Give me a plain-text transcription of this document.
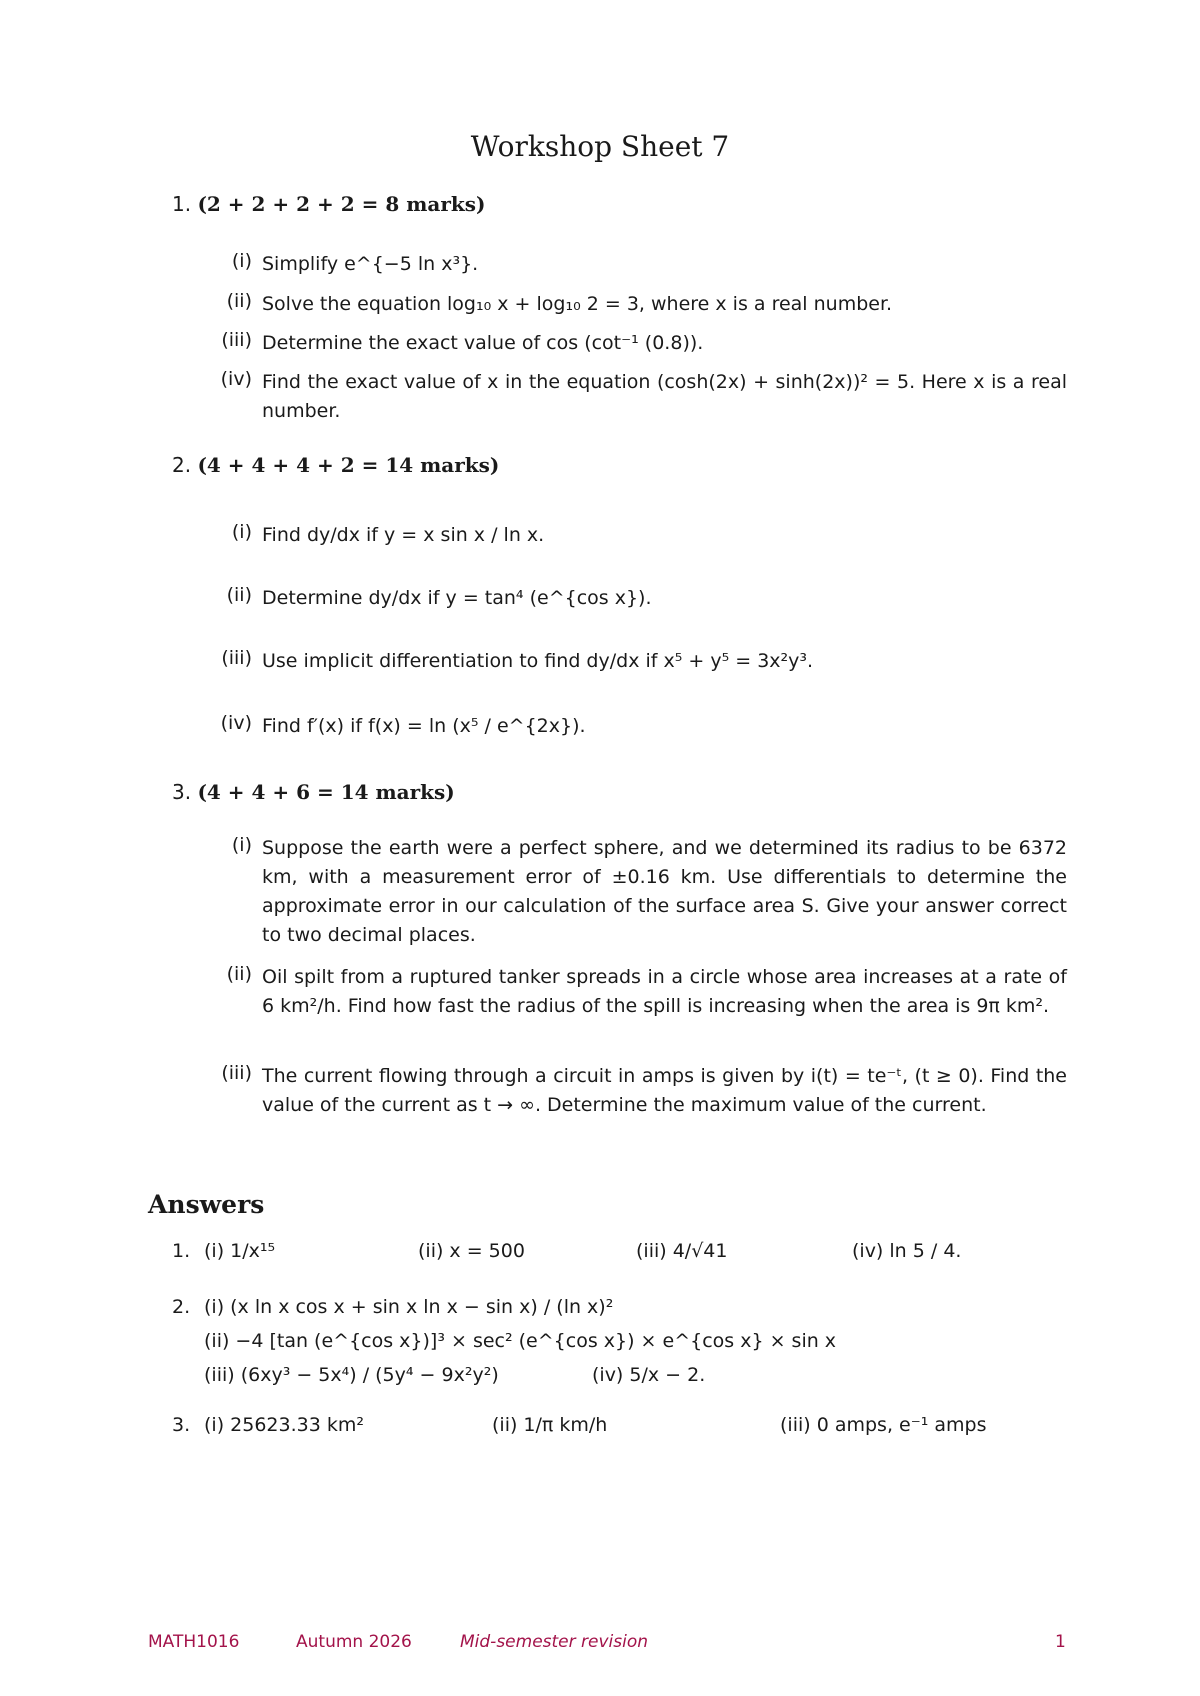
Workshop Sheet 7
1. (2 + 2 + 2 + 2 = 8 marks)
(i) Simplify e^{−5 ln x³}.
(ii) Solve the equation log₁₀ x + log₁₀ 2 = 3, where x is a real number.
(iii) Determine the exact value of cos (cot⁻¹ (0.8)).
(iv) Find the exact value of x in the equation (cosh(2x) + sinh(2x))² = 5. Here x is a real number.
2. (4 + 4 + 4 + 2 = 14 marks)
(i) Find dy/dx if y = x sin x / ln x.
(ii) Determine dy/dx if y = tan⁴ (e^{cos x}).
(iii) Use implicit differentiation to find dy/dx if x⁵ + y⁵ = 3x²y³.
(iv) Find f′(x) if f(x) = ln (x⁵ / e^{2x}).
3. (4 + 4 + 6 = 14 marks)
(i) Suppose the earth were a perfect sphere, and we determined its radius to be 6372 km, with a measurement error of ±0.16 km. Use differentials to determine the approximate error in our calculation of the surface area S. Give your answer correct to two decimal places.
(ii) Oil spilt from a ruptured tanker spreads in a circle whose area increases at a rate of 6 km²/h. Find how fast the radius of the spill is increasing when the area is 9π km².
(iii) The current flowing through a circuit in amps is given by i(t) = te⁻ᵗ, (t ≥ 0). Find the value of the current as t → ∞. Determine the maximum value of the current.
Answers
1. (i) 1/x¹⁵	(ii) x = 500	(iii) 4/√41	(iv) ln 5 / 4.
2. (i) (x ln x cos x + sin x ln x − sin x) / (ln x)²
(ii) −4 [tan (e^{cos x})]³ × sec² (e^{cos x}) × e^{cos x} × sin x
(iii) (6xy³ − 5x⁴) / (5y⁴ − 9x²y²)	(iv) 5/x − 2.
3. (i) 25623.33 km²	(ii) 1/π km/h	(iii) 0 amps, e⁻¹ amps
MATH1016	Autumn 2026	Mid-semester revision	1
